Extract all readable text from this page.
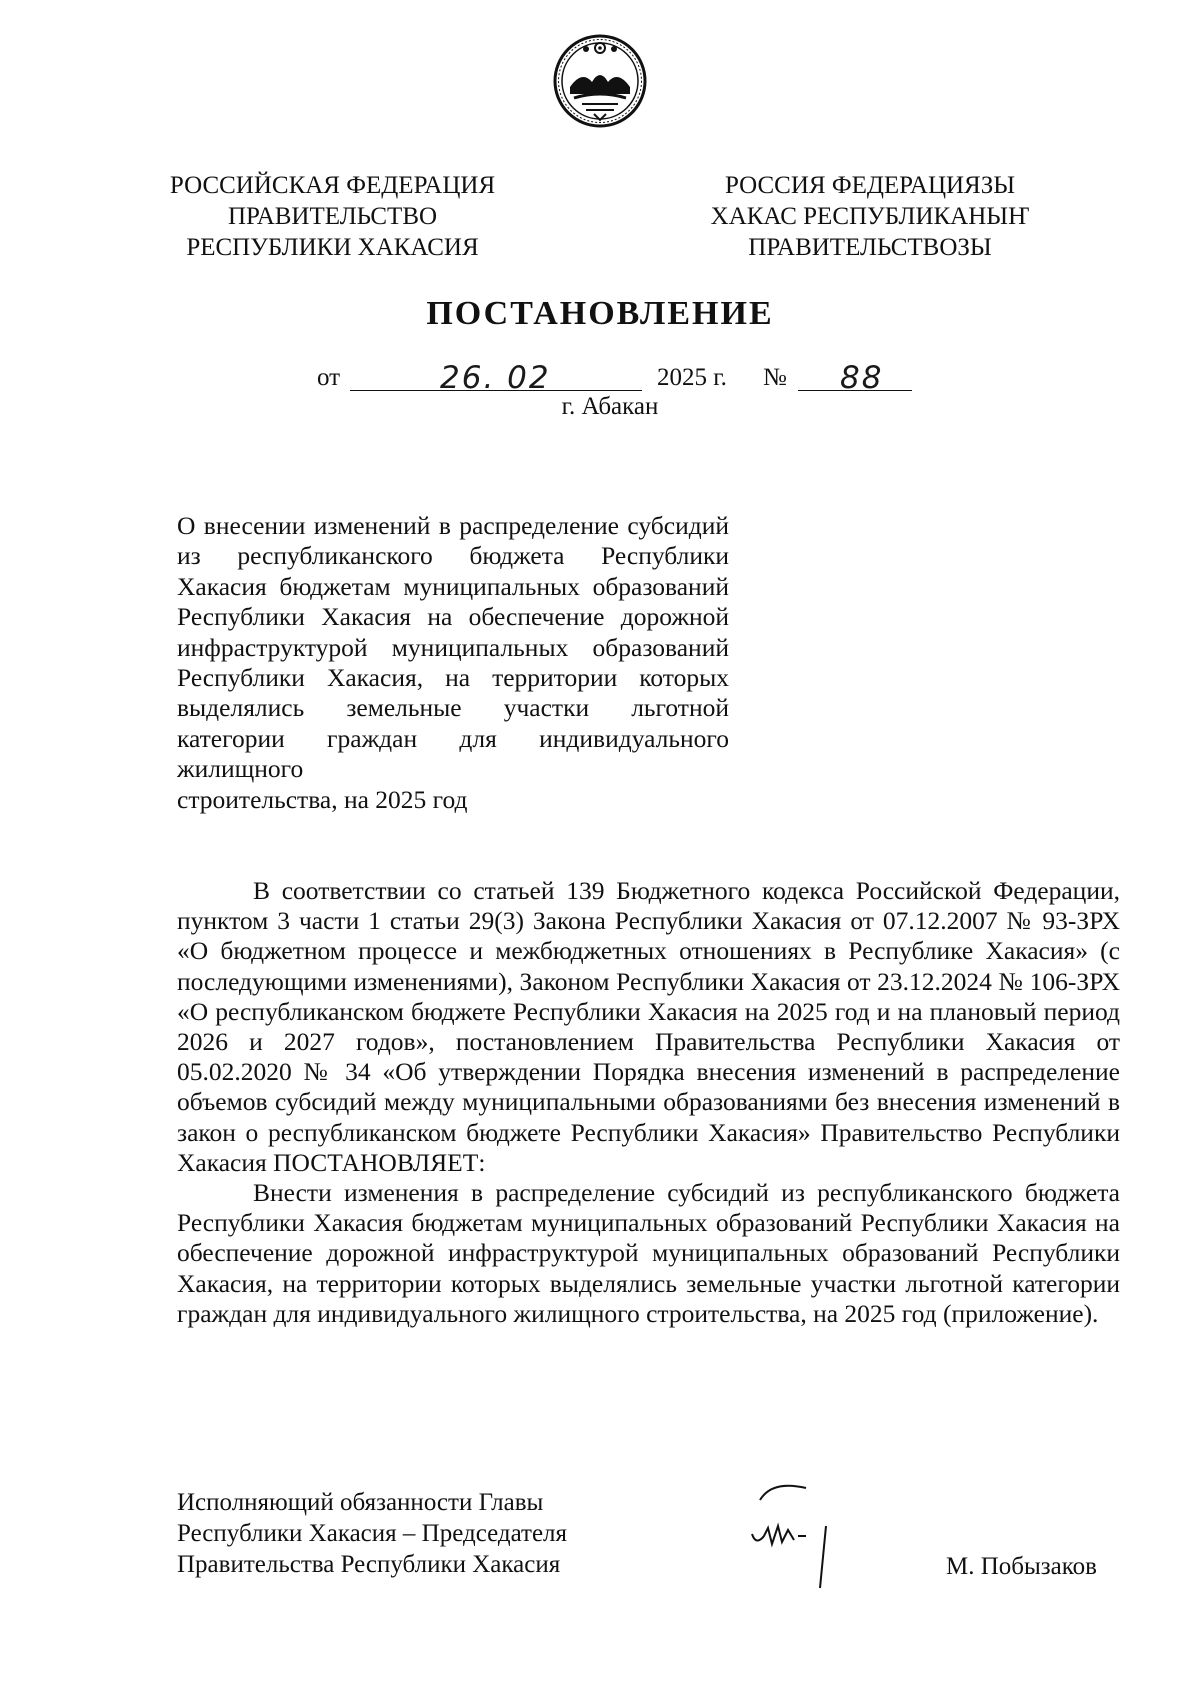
РОССИЙСКАЯ ФЕДЕРАЦИЯ
ПРАВИТЕЛЬСТВО
РЕСПУБЛИКИ ХАКАСИЯ
РОССИЯ ФЕДЕРАЦИЯЗЫ
ХАКАС РЕСПУБЛИКАНЫҤ
ПРАВИТЕЛЬСТВОЗЫ
ПОСТАНОВЛЕНИЕ
от	26. 02	2025 г. № 88
г. Абакан
О внесении изменений в распределение субсидий из республиканского бюджета Республики Хакасия бюджетам муниципальных образований Республики Хакасия на обеспечение дорожной инфраструктурой муниципальных образований Республики Хакасия, на территории которых выделялись земельные участки льготной категории граждан для индивидуального жилищного
строительства, на 2025 год

В соответствии со статьей 139 Бюджетного кодекса Российской Федерации, пунктом 3 части 1 статьи 29(3) Закона Республики Хакасия от 07.12.2007 № 93-ЗРХ «О бюджетном процессе и межбюджетных отношениях в Республике Хакасия» (с последующими изменениями), Законом Республики Хакасия от 23.12.2024 № 106-ЗРХ «О республиканском бюджете Республики Хакасия на 2025 год и на плановый период 2026 и 2027 годов», постановлением Правительства Республики Хакасия от 05.02.2020 № 34 «Об утверждении Порядка внесения изменений в распределение объемов субсидий между муниципальными образованиями без внесения изменений в закон о республиканском бюджете Республики Хакасия» Правительство Республики Хакасия ПОСТАНОВЛЯЕТ:

Внести изменения в распределение субсидий из республиканского бюджета Республики Хакасия бюджетам муниципальных образований Республики Хакасия на обеспечение дорожной инфраструктурой муниципальных образований Республики Хакасия, на территории которых выделялись земельные участки льготной категории граждан для индивидуального жилищного строительства, на 2025 год (приложение).

Исполняющий обязанности Главы
Республики Хакасия – Председателя
Правительства Республики Хакасия	М. Побызаков
